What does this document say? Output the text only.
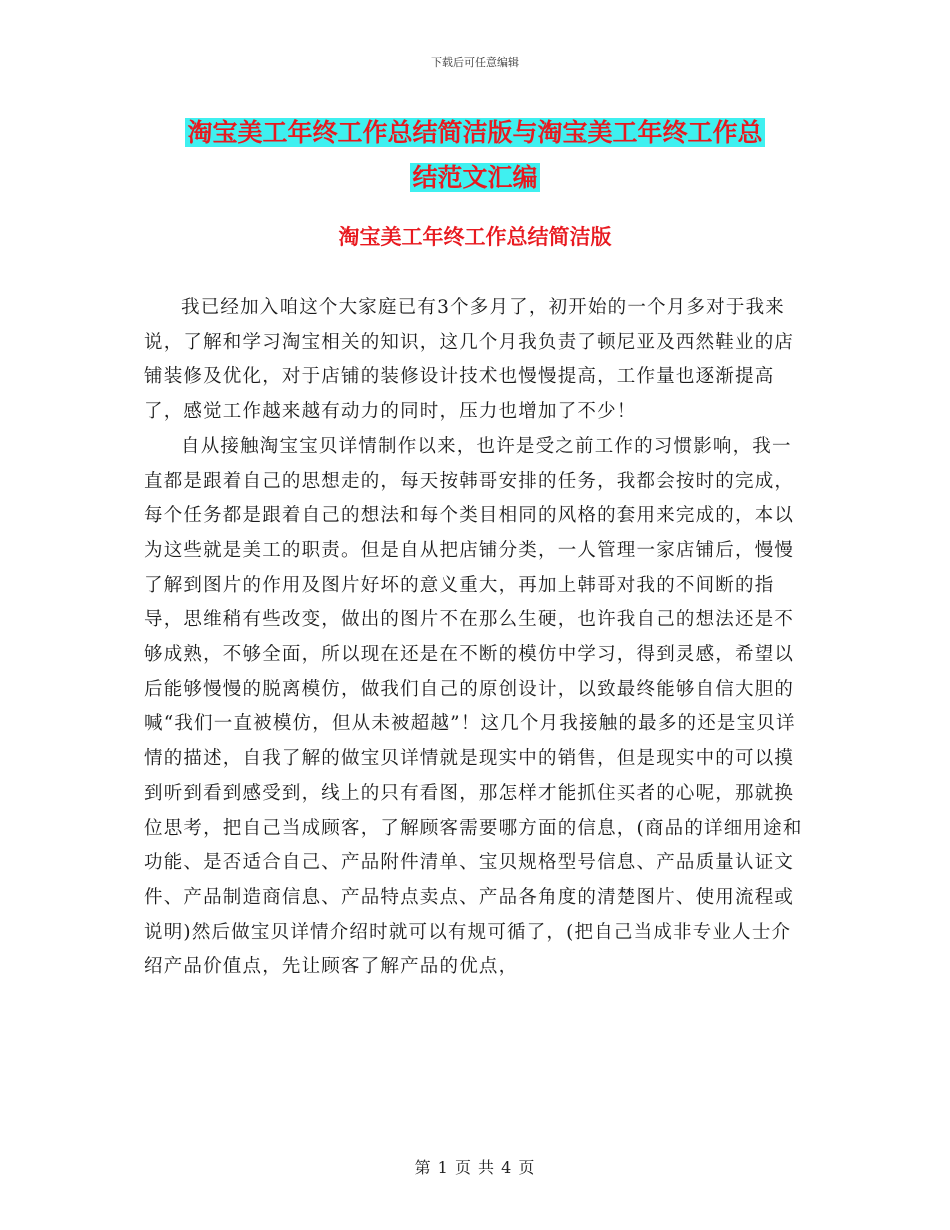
下载后可任意编辑
淘宝美工年终工作总结简洁版与淘宝美工年终工作总
结范文汇编
淘宝美工年终工作总结简洁版

我已经加入咱这个大家庭已有3个多月了，初开始的一个月多对于我来说，了解和学习淘宝相关的知识，这几个月我负责了顿尼亚及西然鞋业的店铺装修及优化，对于店铺的装修设计技术也慢慢提高，工作量也逐渐提高了，感觉工作越来越有动力的同时，压力也增加了不少！

自从接触淘宝宝贝详情制作以来，也许是受之前工作的习惯影响，我一直都是跟着自己的思想走的，每天按韩哥安排的任务，我都会按时的完成，每个任务都是跟着自己的想法和每个类目相同的风格的套用来完成的，本以为这些就是美工的职责。但是自从把店铺分类，一人管理一家店铺后，慢慢了解到图片的作用及图片好坏的意义重大，再加上韩哥对我的不间断的指导，思维稍有些改变，做出的图片不在那么生硬，也许我自己的想法还是不够成熟，不够全面，所以现在还是在不断的模仿中学习，得到灵感，希望以后能够慢慢的脱离模仿，做我们自己的原创设计，以致最终能够自信大胆的喊“我们一直被模仿，但从未被超越”！这几个月我接触的最多的还是宝贝详情的描述，自我了解的做宝贝详情就是现实中的销售，但是现实中的可以摸到听到看到感受到，线上的只有看图，那怎样才能抓住买者的心呢，那就换位思考，把自己当成顾客，了解顾客需要哪方面的信息，(商品的详细用途和功能、是否适合自己、产品附件清单、宝贝规格型号信息、产品质量认证文件、产品制造商信息、产品特点卖点、产品各角度的清楚图片、使用流程或说明)然后做宝贝详情介绍时就可以有规可循了，(把自己当成非专业人士介绍产品价值点，先让顾客了解产品的优点，

第 1 页 共 4 页
